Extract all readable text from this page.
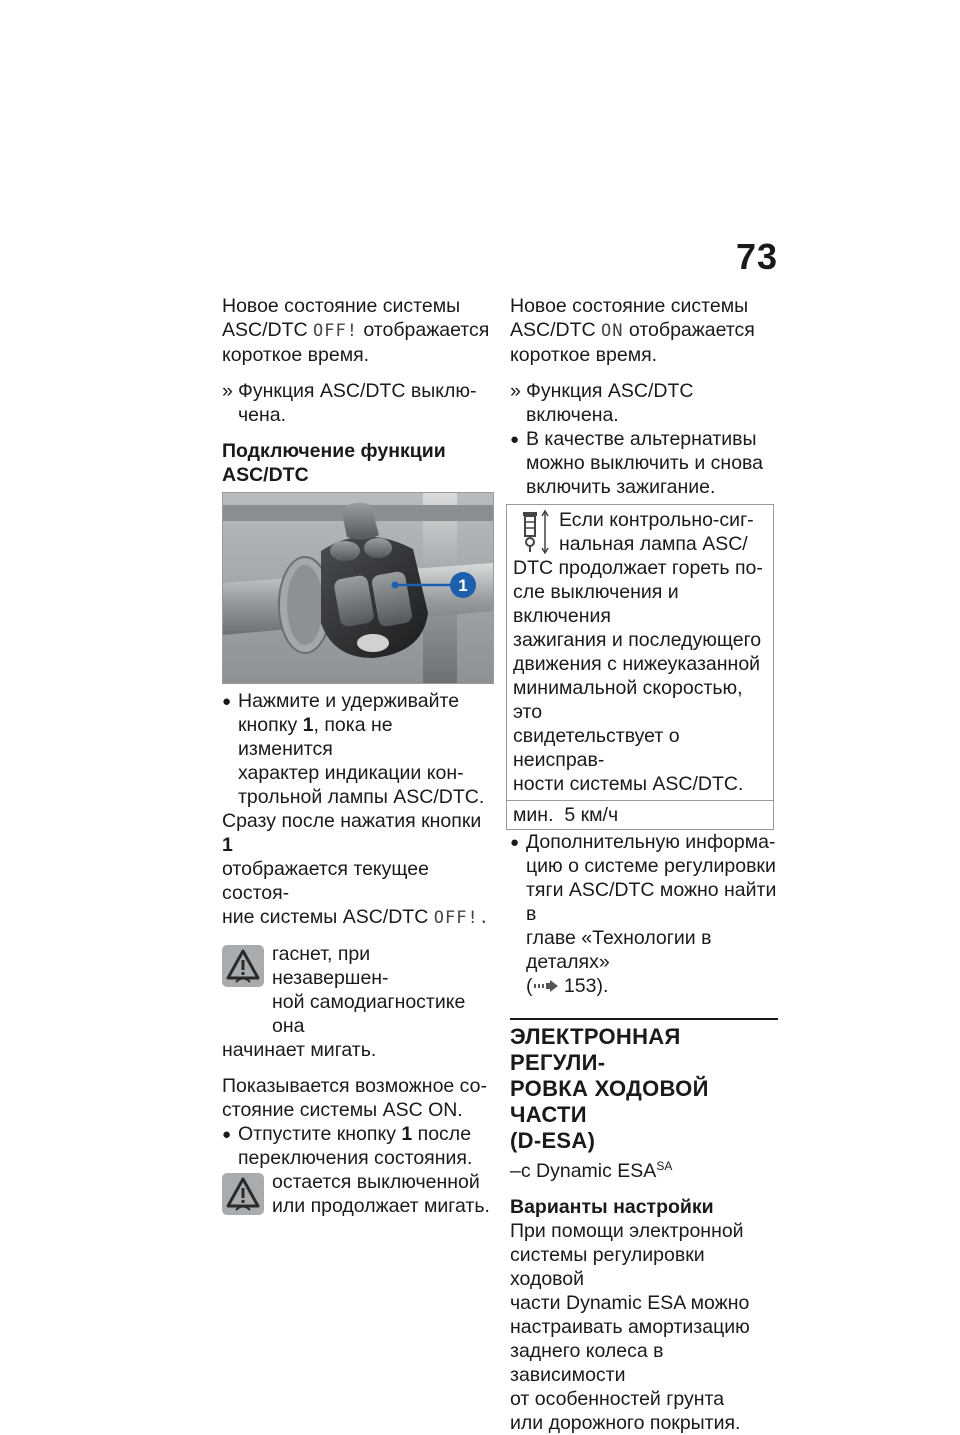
73

Новое состояние системы
ASC/DTC OFF! отображается
короткое время.

» Функция ASC/DTC выклю-
чена.
Подключение функции
ASC/DTC
1
● Нажмите и удерживайте
кнопку 1, пока не изменится
характер индикации кон-
трольной лампы ASC/DTC.

Сразу после нажатия кнопки 1
отображается текущее состоя-
ние системы ASC/DTC OFF!.

гаснет, при незавершен-
ной самодиагностике она

начинает мигать.

Показывается возможное со-
стояние системы ASC ON.

● Отпустите кнопку 1 после
переключения состояния.

остается выключенной
или продолжает мигать.

Новое состояние системы
ASC/DTC ON отображается
короткое время.

» Функция ASC/DTC включена.
● В качестве альтернативы
можно выключить и снова
включить зажигание.

Если контрольно-сиг-
нальная лампа ASC/

DTC продолжает гореть по-
сле выключения и включения
зажигания и последующего
движения с нижеуказанной
минимальной скоростью, это
свидетельствует о неисправ-
ности системы ASC/DTC.

мин. 5 км/ч
● Дополнительную информа-
цию о системе регулировки
тяги ASC/DTC можно найти в
главе «Технологии в деталях»
( 153).
ЭЛЕКТРОННАЯ РЕГУЛИ-
РОВКА ХОДОВОЙ ЧАСТИ
(D-ESA)

–с Dynamic $ESA^{SA}$

Варианты настройки

При помощи электронной
системы регулировки ходовой
части Dynamic ESA можно
настраивать амортизацию
заднего колеса в зависимости
от особенностей грунта
или дорожного покрытия.
